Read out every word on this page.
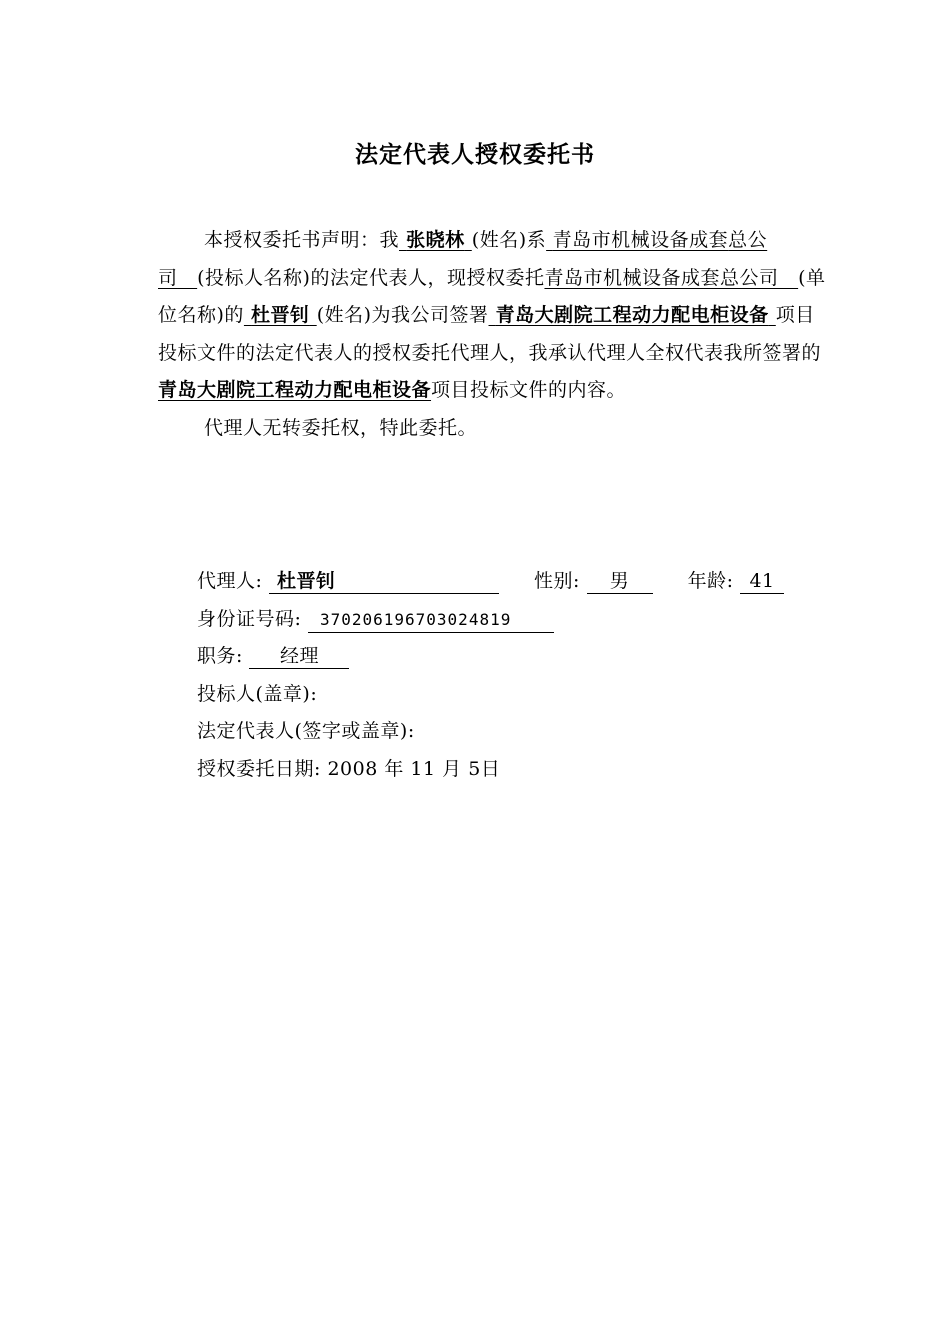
法定代表人授权委托书

本授权委托书声明：我 张晓林 (姓名)系 青岛市机械设备成套总公司 (投标人名称)的法定代表人，现授权委托青岛市机械设备成套总公司 (单位名称)的 杜晋钊 (姓名)为我公司签署 青岛大剧院工程动力配电柜设备 项目投标文件的法定代表人的授权委托代理人，我承认代理人全权代表我所签署的青岛大剧院工程动力配电柜设备项目投标文件的内容。

代理人无转委托权，特此委托。

代理人: 杜晋钊	性别: 男	年龄: 41
身份证号码: 370206196703024819
职务: 经理
投标人(盖章):
法定代表人(签字或盖章):
授权委托日期: 2008 年 11 月 5日
